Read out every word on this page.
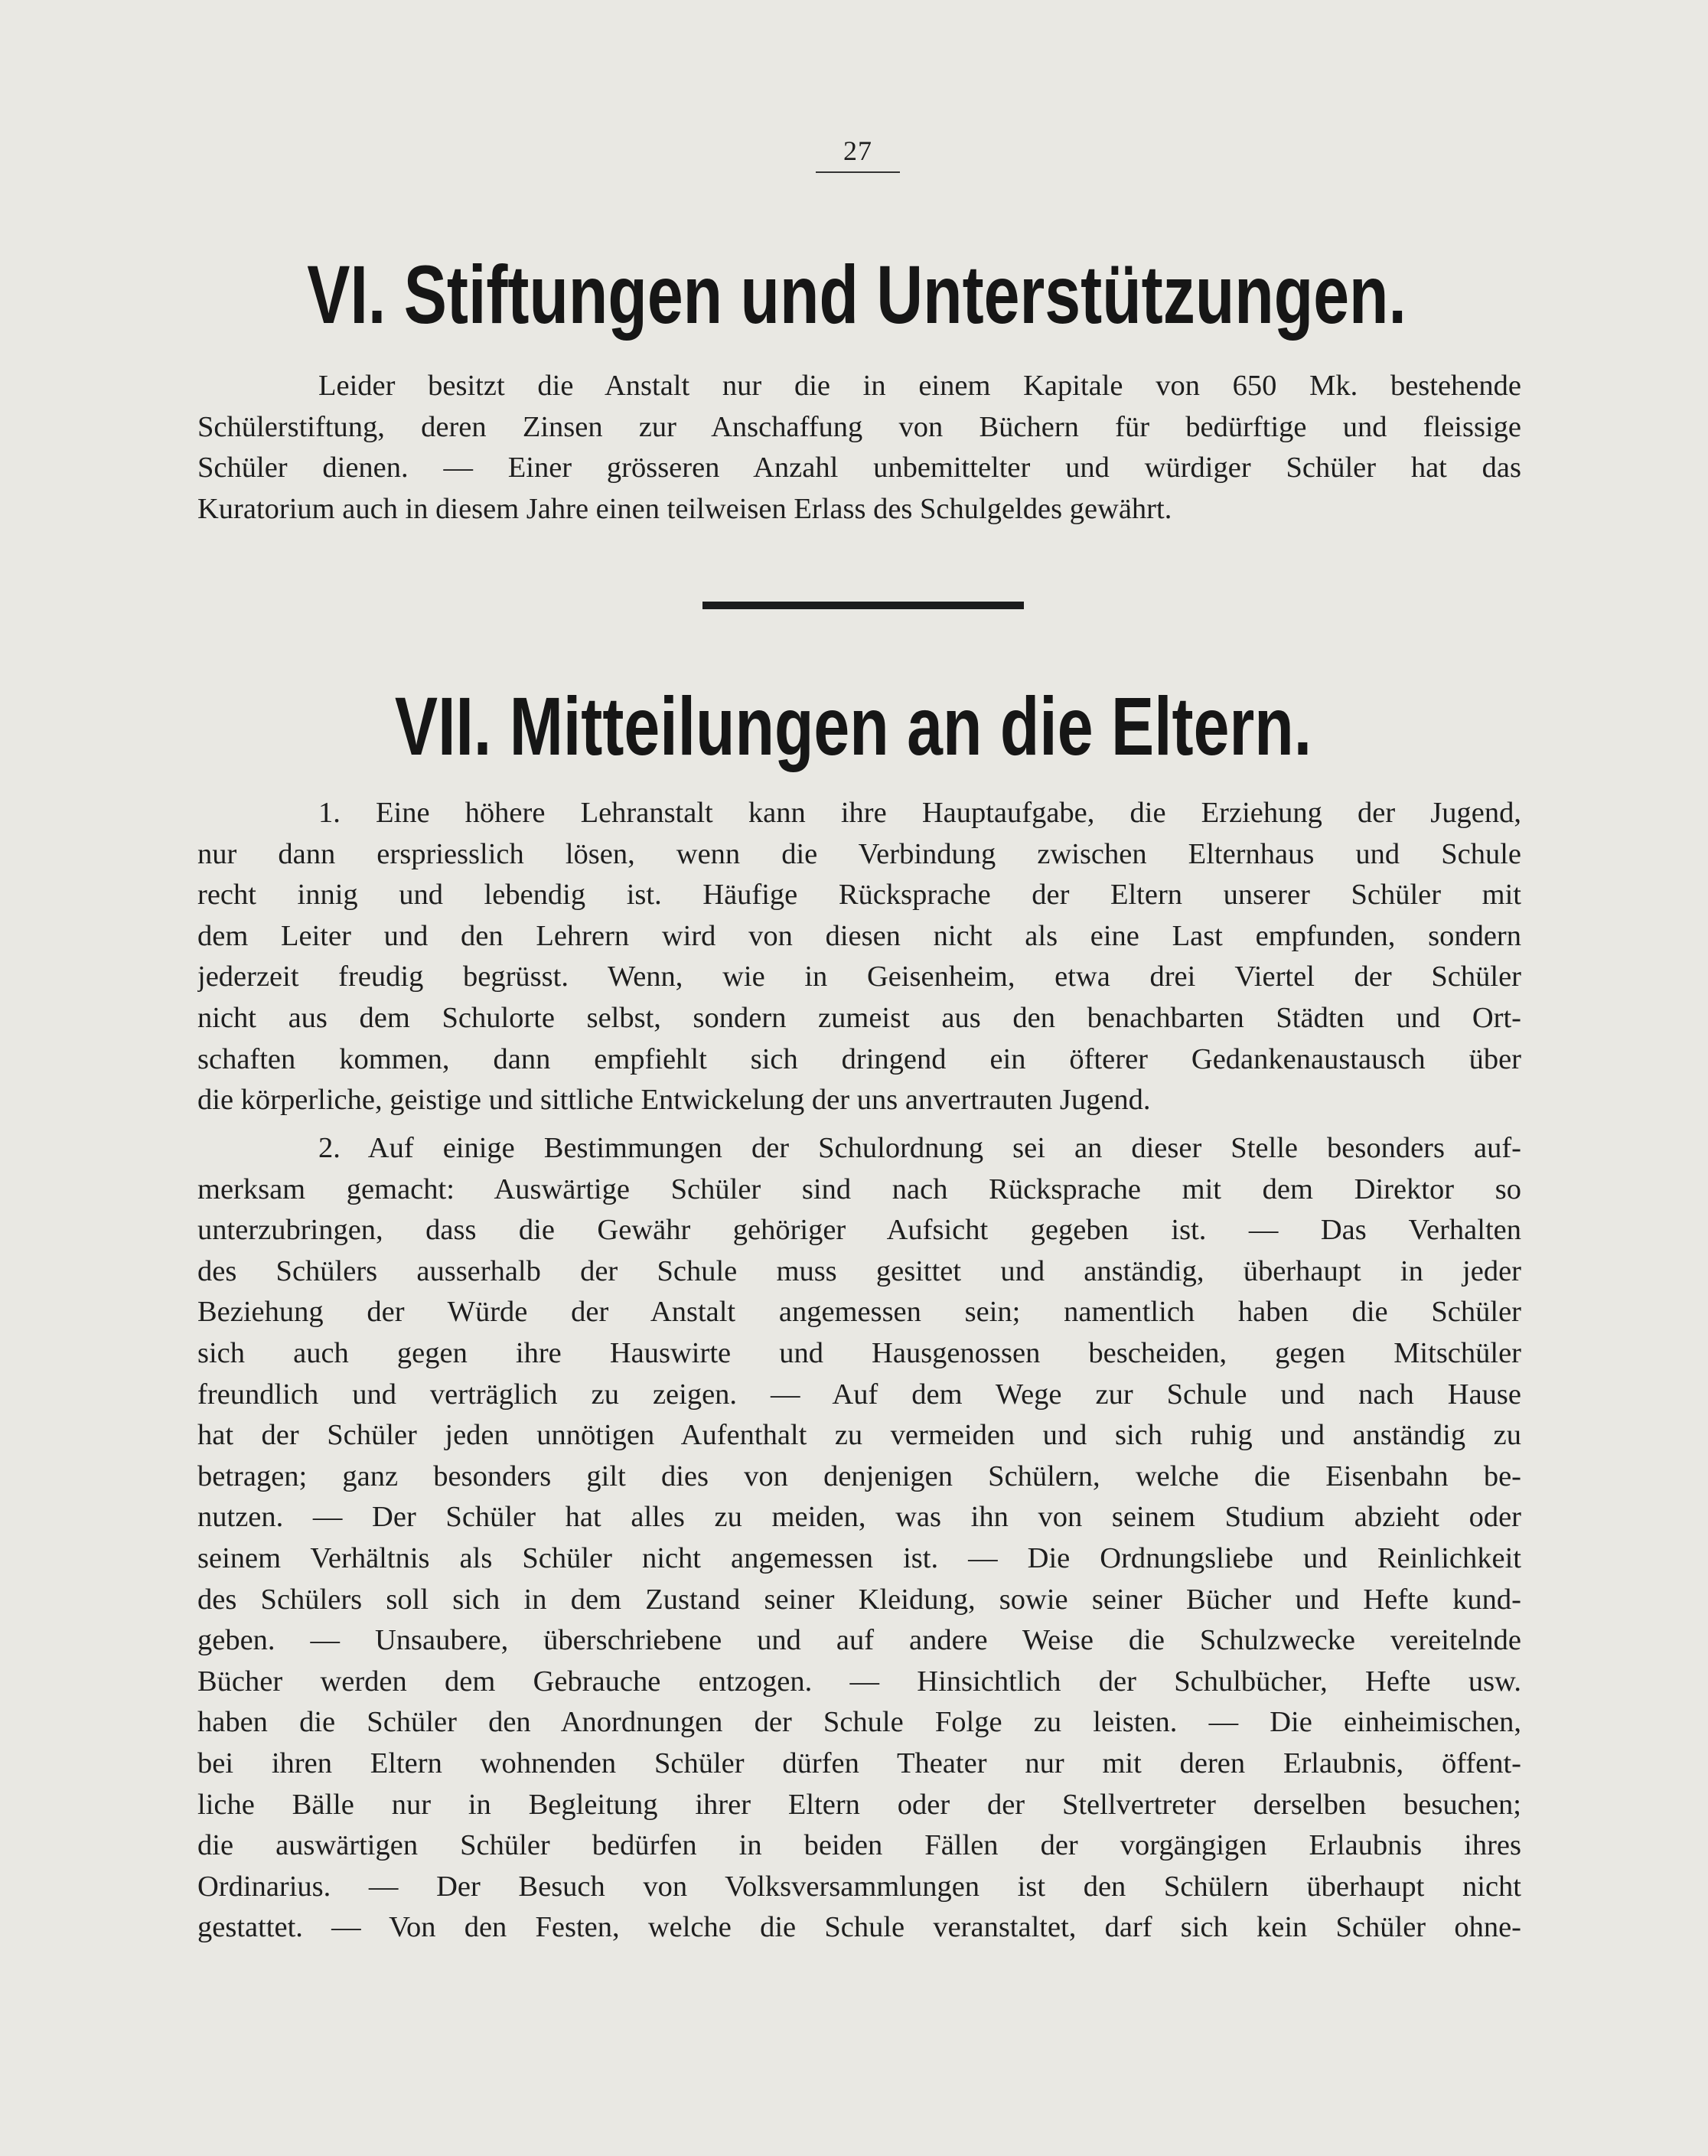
27
VI. Stiftungen und Unterstützungen.
Leider besitzt die Anstalt nur die in einem Kapitale von 650 Mk. bestehende
Schülerstiftung, deren Zinsen zur Anschaffung von Büchern für bedürftige und fleissige
Schüler dienen. — Einer grösseren Anzahl unbemittelter und würdiger Schüler hat das
Kuratorium auch in diesem Jahre einen teilweisen Erlass des Schulgeldes gewährt.
VII. Mitteilungen an die Eltern.
1. Eine höhere Lehranstalt kann ihre Hauptaufgabe, die Erziehung der Jugend,
nur dann erspriesslich lösen, wenn die Verbindung zwischen Elternhaus und Schule
recht innig und lebendig ist. Häufige Rücksprache der Eltern unserer Schüler mit
dem Leiter und den Lehrern wird von diesen nicht als eine Last empfunden, sondern
jederzeit freudig begrüsst. Wenn, wie in Geisenheim, etwa drei Viertel der Schüler
nicht aus dem Schulorte selbst, sondern zumeist aus den benachbarten Städten und Ort-
schaften kommen, dann empfiehlt sich dringend ein öfterer Gedankenaustausch über
die körperliche, geistige und sittliche Entwickelung der uns anvertrauten Jugend.
2. Auf einige Bestimmungen der Schulordnung sei an dieser Stelle besonders auf-
merksam gemacht: Auswärtige Schüler sind nach Rücksprache mit dem Direktor so
unterzubringen, dass die Gewähr gehöriger Aufsicht gegeben ist. — Das Verhalten
des Schülers ausserhalb der Schule muss gesittet und anständig, überhaupt in jeder
Beziehung der Würde der Anstalt angemessen sein; namentlich haben die Schüler
sich auch gegen ihre Hauswirte und Hausgenossen bescheiden, gegen Mitschüler
freundlich und verträglich zu zeigen. — Auf dem Wege zur Schule und nach Hause
hat der Schüler jeden unnötigen Aufenthalt zu vermeiden und sich ruhig und anständig zu
betragen; ganz besonders gilt dies von denjenigen Schülern, welche die Eisenbahn be-
nutzen. — Der Schüler hat alles zu meiden, was ihn von seinem Studium abzieht oder
seinem Verhältnis als Schüler nicht angemessen ist. — Die Ordnungsliebe und Reinlichkeit
des Schülers soll sich in dem Zustand seiner Kleidung, sowie seiner Bücher und Hefte kund-
geben. — Unsaubere, überschriebene und auf andere Weise die Schulzwecke vereitelnde
Bücher werden dem Gebrauche entzogen. — Hinsichtlich der Schulbücher, Hefte usw.
haben die Schüler den Anordnungen der Schule Folge zu leisten. — Die einheimischen,
bei ihren Eltern wohnenden Schüler dürfen Theater nur mit deren Erlaubnis, öffent-
liche Bälle nur in Begleitung ihrer Eltern oder der Stellvertreter derselben besuchen;
die auswärtigen Schüler bedürfen in beiden Fällen der vorgängigen Erlaubnis ihres
Ordinarius. — Der Besuch von Volksversammlungen ist den Schülern überhaupt nicht
gestattet. — Von den Festen, welche die Schule veranstaltet, darf sich kein Schüler ohne-
